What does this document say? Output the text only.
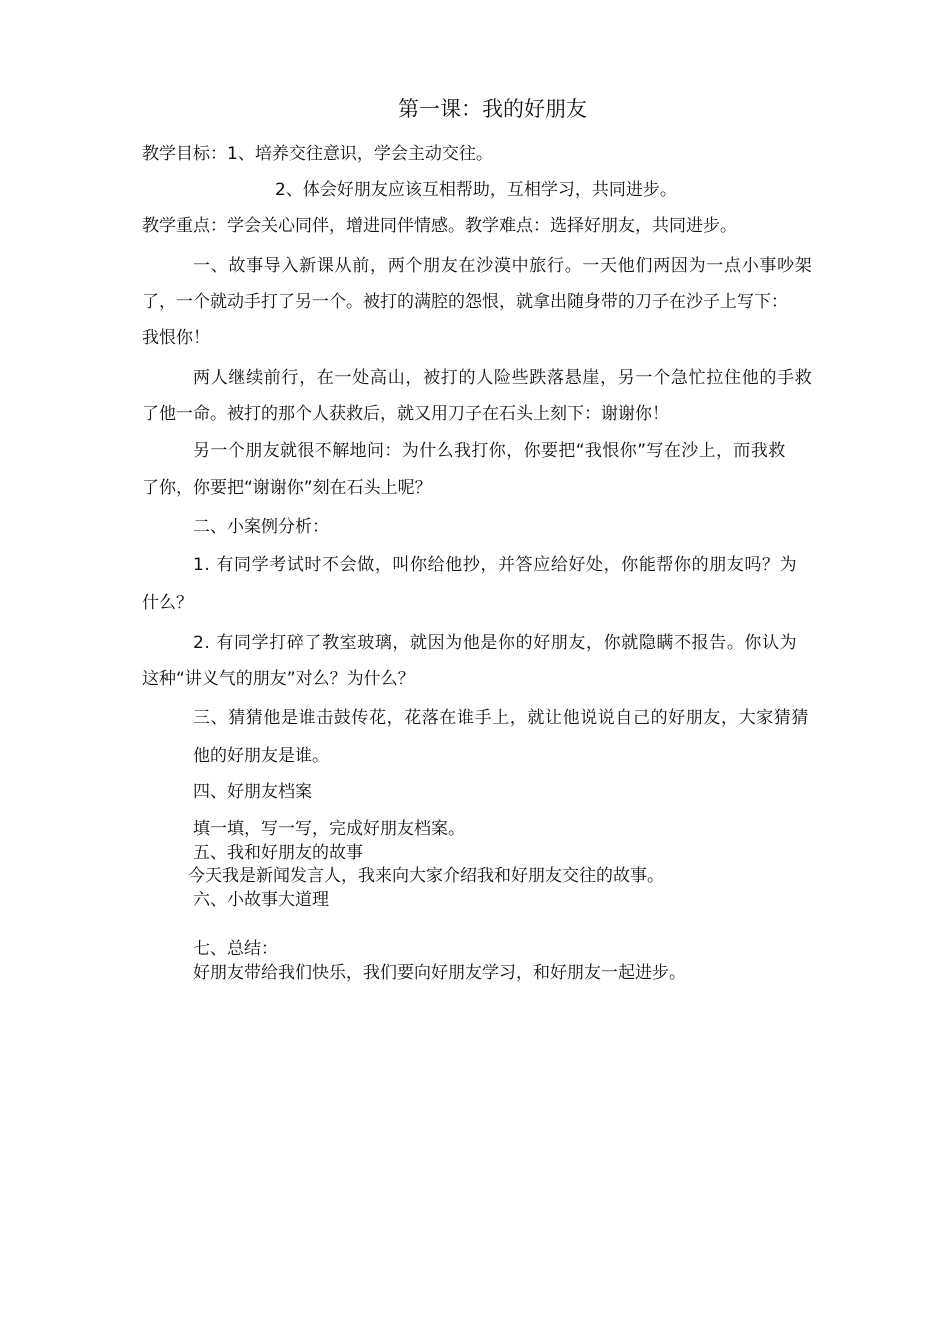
第一课：我的好朋友
教学目标：1、培养交往意识，学会主动交往。
2、体会好朋友应该互相帮助，互相学习，共同进步。
教学重点：学会关心同伴，增进同伴情感。教学难点：选择好朋友，共同进步。
一、故事导入新课从前，两个朋友在沙漠中旅行。一天他们两因为一点小事吵架
了，一个就动手打了另一个。被打的满腔的怨恨，就拿出随身带的刀子在沙子上写下：
我恨你！
两人继续前行，在一处高山，被打的人险些跌落悬崖，另一个急忙拉住他的手救
了他一命。被打的那个人获救后，就又用刀子在石头上刻下：谢谢你！
另一个朋友就很不解地问：为什么我打你，你要把“我恨你”写在沙上，而我救
了你，你要把“谢谢你”刻在石头上呢？
二、小案例分析：
1. 有同学考试时不会做，叫你给他抄，并答应给好处，你能帮你的朋友吗？为
什么？
2. 有同学打碎了教室玻璃，就因为他是你的好朋友，你就隐瞒不报告。你认为
这种“讲义气的朋友”对么？为什么？
三、猜猜他是谁击鼓传花，花落在谁手上，就让他说说自己的好朋友，大家猜猜
他的好朋友是谁。
四、好朋友档案
填一填，写一写，完成好朋友档案。
五、我和好朋友的故事
今天我是新闻发言人，我来向大家介绍我和好朋友交往的故事。
六、小故事大道理
七、总结：
好朋友带给我们快乐，我们要向好朋友学习，和好朋友一起进步。
